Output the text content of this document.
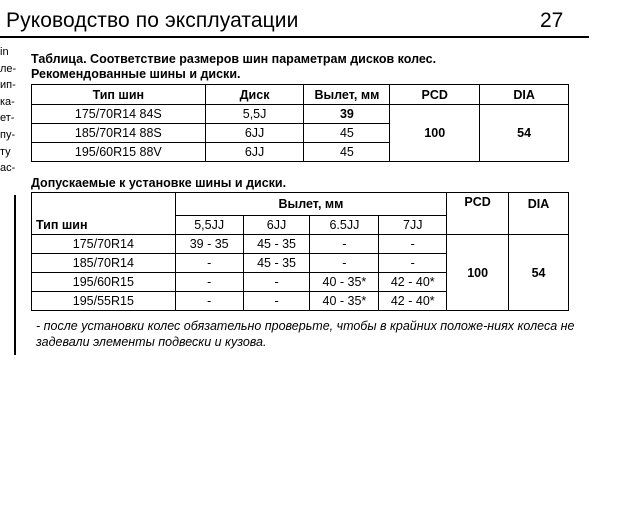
Руководство по эксплуатации	27
in
ле-
ип-
ка-
ет-
пу-
ту
ас-
Таблица. Соответствие размеров шин параметрам дисков колес.
Рекомендованные шины и диски.
Тип шин	Диск	Вылет, мм	PCD	DIA
175/70R14 84S	5,5J	39	100	54
185/70R14 88S	6JJ	45		
195/60R15 88V	6JJ	45		
Допускаемые к установке шины и диски.
Тип шин	Вылет, мм				PCD	DIA
	5,5JJ	6JJ	6.5JJ	7JJ		
175/70R14	39 - 35	45 - 35	-	-	100	54
185/70R14	-	45 - 35	-	-		
195/60R15	-	-	40 - 35*	42 - 40*		
195/55R15	-	-	40 - 35*	42 - 40*		
- после установки колес обязательно проверьте, чтобы в крайних положе-ниях колеса не задевали элементы подвески и кузова.
